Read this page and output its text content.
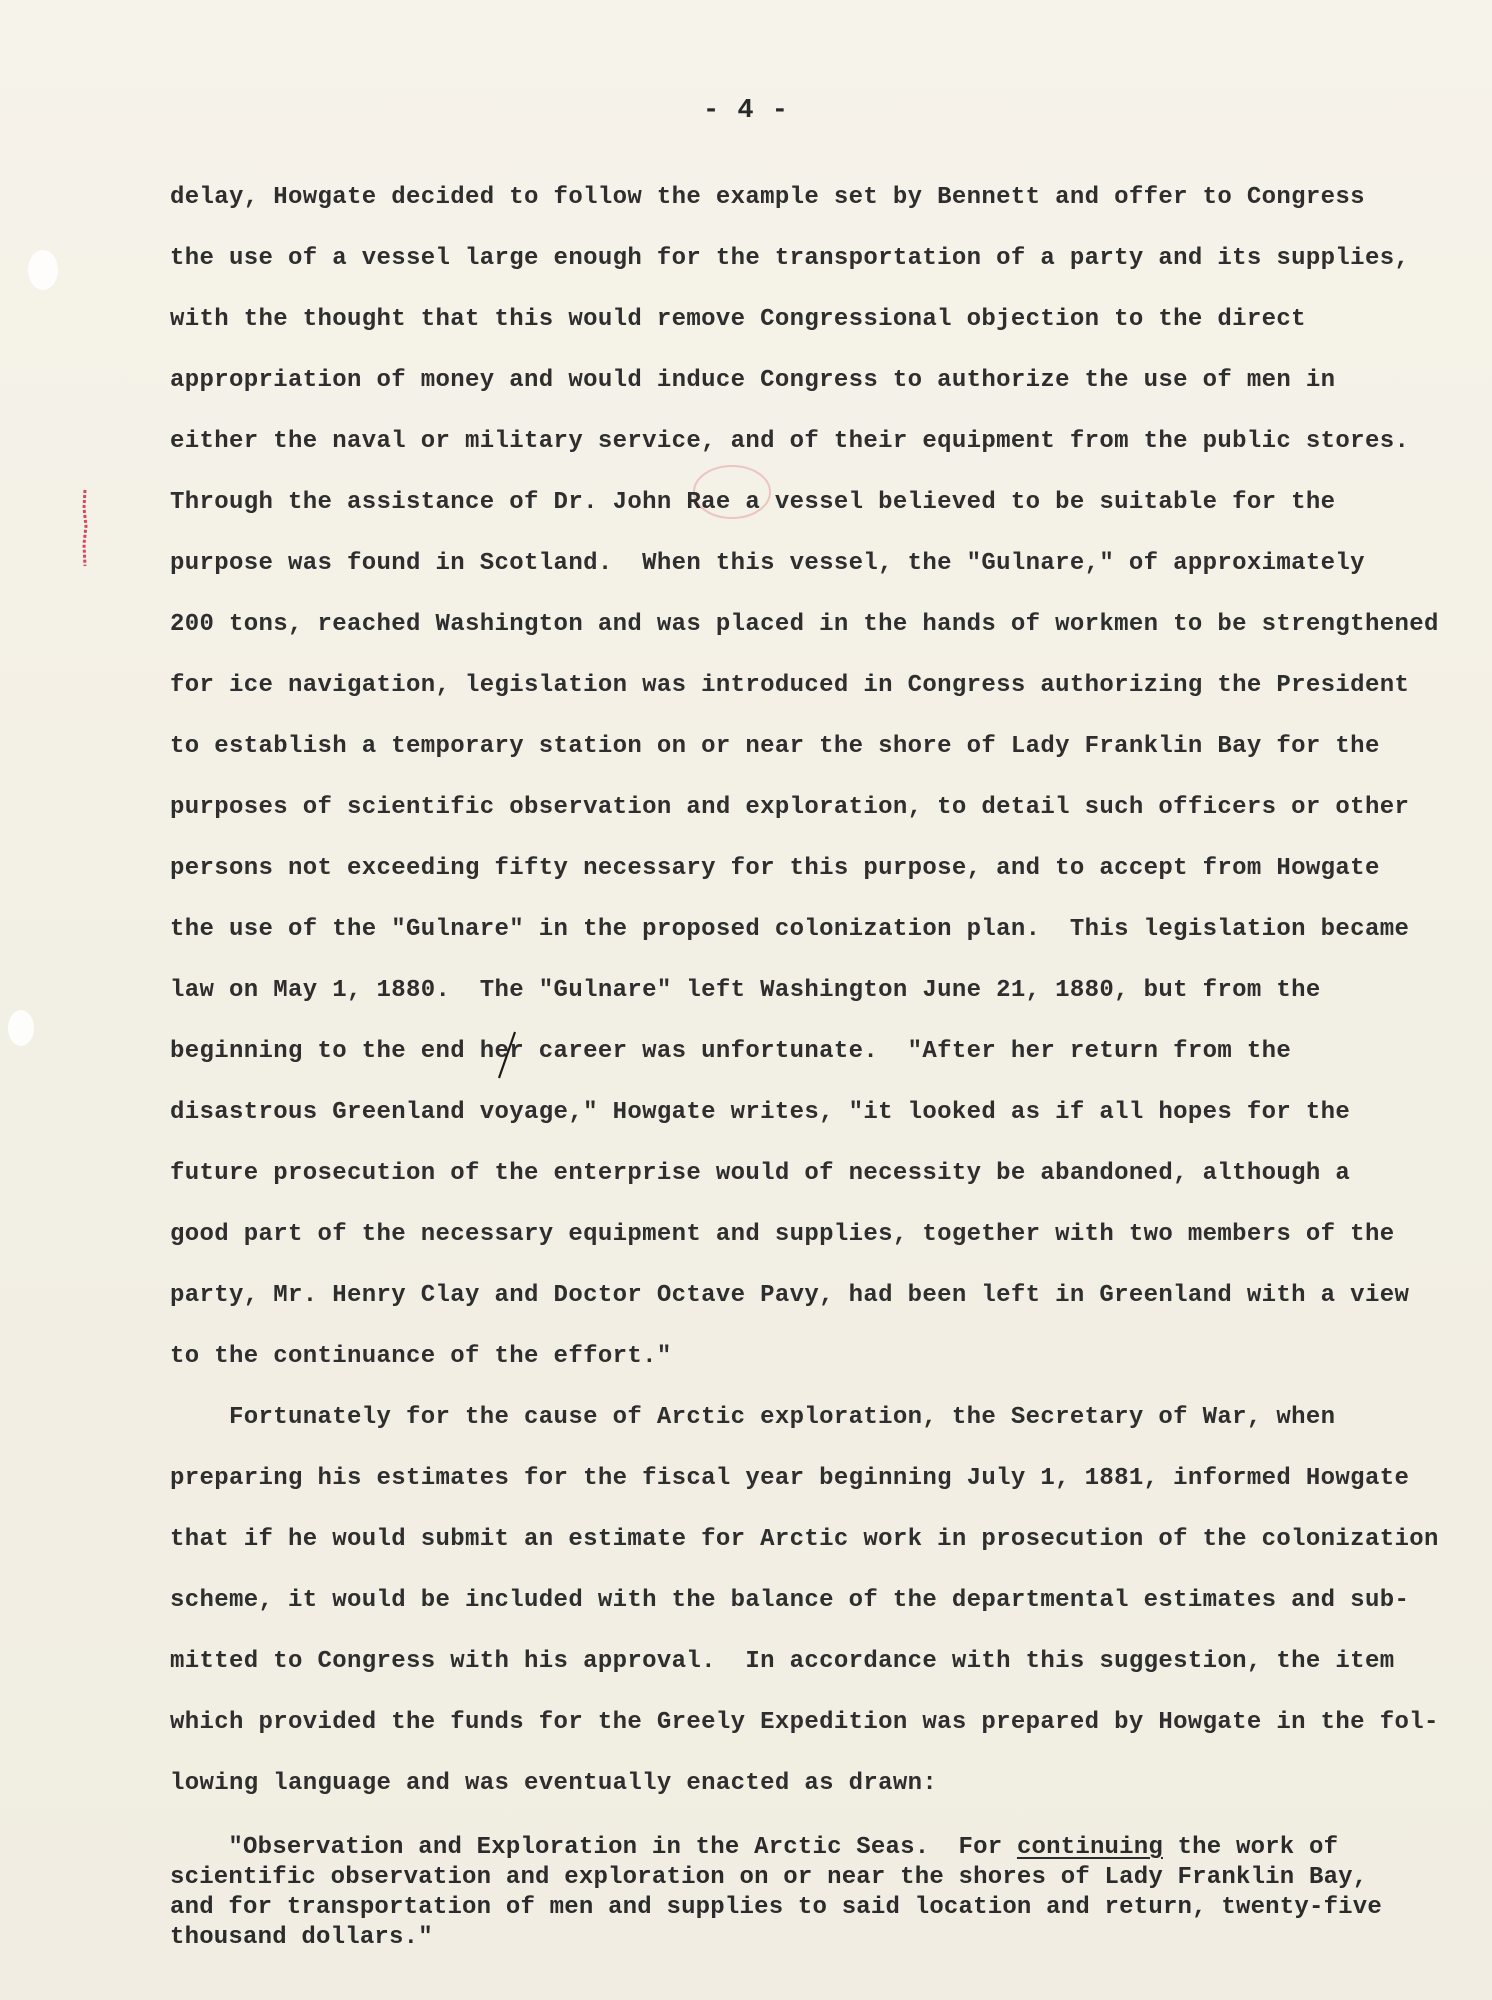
- 4 -
delay, Howgate decided to follow the example set by Bennett and offer to Congress
the use of a vessel large enough for the transportation of a party and its supplies,
with the thought that this would remove Congressional objection to the direct
appropriation of money and would induce Congress to authorize the use of men in
either the naval or military service, and of their equipment from the public stores.
Through the assistance of Dr. John Rae a vessel believed to be suitable for the
purpose was found in Scotland.  When this vessel, the "Gulnare," of approximately
200 tons, reached Washington and was placed in the hands of workmen to be strengthened
for ice navigation, legislation was introduced in Congress authorizing the President
to establish a temporary station on or near the shore of Lady Franklin Bay for the
purposes of scientific observation and exploration, to detail such officers or other
persons not exceeding fifty necessary for this purpose, and to accept from Howgate
the use of the "Gulnare" in the proposed colonization plan.  This legislation became
law on May 1, 1880.  The "Gulnare" left Washington June 21, 1880, but from the
beginning to the end her career was unfortunate.  "After her return from the
disastrous Greenland voyage," Howgate writes, "it looked as if all hopes for the
future prosecution of the enterprise would of necessity be abandoned, although a
good part of the necessary equipment and supplies, together with two members of the
party, Mr. Henry Clay and Doctor Octave Pavy, had been left in Greenland with a view
to the continuance of the effort."
Fortunately for the cause of Arctic exploration, the Secretary of War, when
preparing his estimates for the fiscal year beginning July 1, 1881, informed Howgate
that if he would submit an estimate for Arctic work in prosecution of the colonization
scheme, it would be included with the balance of the departmental estimates and sub-
mitted to Congress with his approval.  In accordance with this suggestion, the item
which provided the funds for the Greely Expedition was prepared by Howgate in the fol-
lowing language and was eventually enacted as drawn:
"Observation and Exploration in the Arctic Seas.  For continuing the work of
scientific observation and exploration on or near the shores of Lady Franklin Bay,
and for transportation of men and supplies to said location and return, twenty-five
thousand dollars."
